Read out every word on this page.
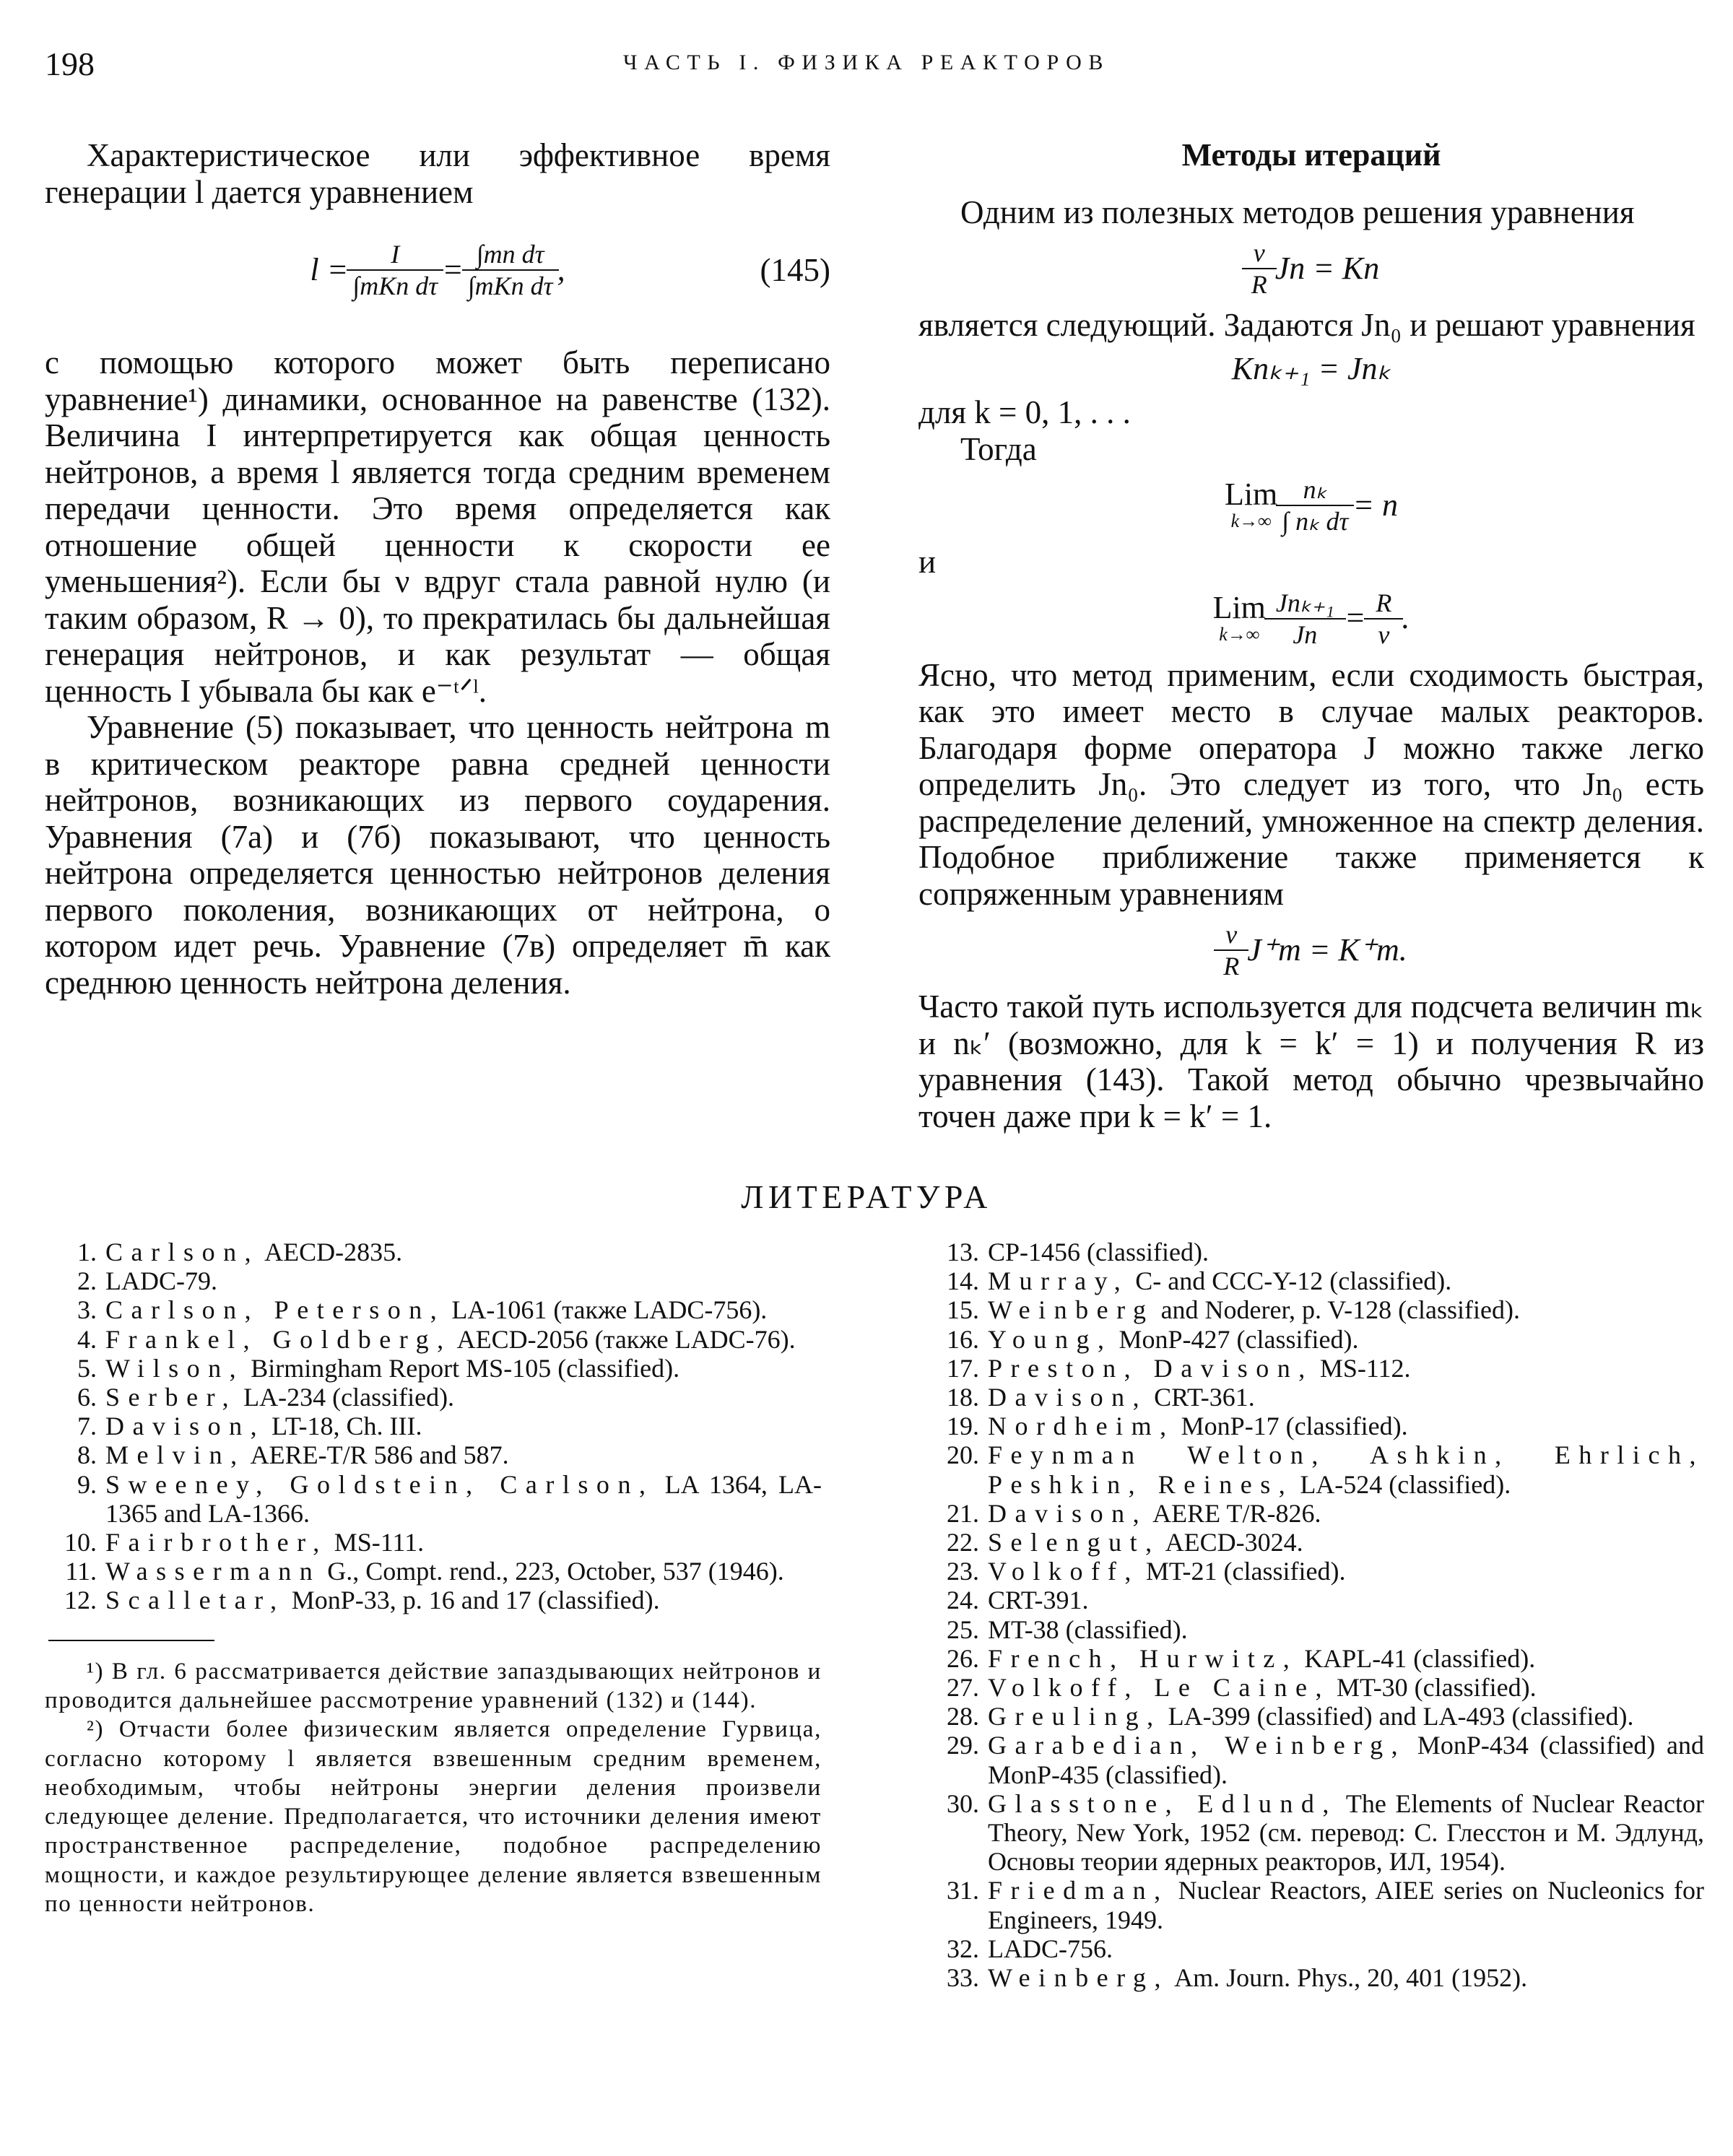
ЧАСТЬ I. ФИЗИКА РЕАКТОРОВ
198

Характеристическое или эффективное время генерации l дается уравнением

$l = \frac{I}{\text{∫mKn dτ}} = \frac{\text{∫mn dτ}}{\text{∫mKn dτ}}$ ,	(145)

с помощью которого может быть переписано уравнение¹) динамики, основанное на равенстве (132). Величина I интерпретируется как общая ценность нейтронов, а время l является тогда средним временем передачи ценности. Это время определяется как отношение общей ценности к скорости ее уменьшения²). Если бы ν вдруг стала равной нулю (и таким образом, R → 0), то прекратилась бы дальнейшая генерация нейтронов, и как результат — общая ценность I убывала бы как e⁻ᵗᐟˡ.

Уравнение (5) показывает, что ценность нейтрона m в критическом реакторе равна средней ценности нейтронов, возникающих из первого соударения. Уравнения (7а) и (7б) показывают, что ценность нейтрона определяется ценностью нейтронов деления первого поколения, возникающих от нейтрона, о котором идет речь. Уравнение (7в) определяет m̄ как среднюю ценность нейтрона деления.

Методы итераций

Одним из полезных методов решения уравнения

$\frac{\nu}{R}$ Jn = Kn

является следующий. Задаются Jn₀ и решают уравнения

Knₖ₊₁ = Jnₖ

для k = 0, 1, . . .

Тогда

Lim
$k\to\infty \frac{\text{nₖ}}{\text{∫ nₖ dτ}} = n$

и

Lim
$k\to\infty \frac{\text{Jnₖ₊₁}}{Jn} = \frac{R}{\nu}$ .

Ясно, что метод применим, если сходимость быстрая, как это имеет место в случае малых реакторов. Благодаря форме оператора J можно также легко определить Jn₀. Это следует из того, что Jn₀ есть распределение делений, умноженное на спектр деления. Подобное приближение также применяется к сопряженным уравнениям

$\frac{\nu}{R} J^+m = K^+m$.

Часто такой путь используется для подсчета величин mₖ и nₖ′ (возможно, для k = k′ = 1) и получения R из уравнения (143). Такой метод обычно чрезвычайно точен даже при k = k′ = 1.

ЛИТЕРАТУРА
1. Carlson, AECD-2835.
2. LADC-79.
3. Carlson, Peterson, LA-1061 (также LADC-756).
4. Frankel, Goldberg, AECD-2056 (также LADC-76).
5. Wilson, Birmingham Report MS-105 (classified).
6. Serber, LA-234 (classified).
7. Davison, LT-18, Ch. III.
8. Melvin, AERE-T/R 586 and 587.
9. Sweeney, Goldstein, Carlson, LA 1364, LA-1365 and LA-1366.
10. Fairbrother, MS-111.
11. Wassermann G., Compt. rend., 223, October, 537 (1946).
12. Scalletar, MonP-33, p. 16 and 17 (classified).

¹) В гл. 6 рассматривается действие запаздывающих нейтронов и проводится дальнейшее рассмотрение уравнений (132) и (144).

²) Отчасти более физическим является определение Гурвица, согласно которому l является взвешенным средним временем, необходимым, чтобы нейтроны энергии деления произвели следующее деление. Предполагается, что источники деления имеют пространственное распределение, подобное распределению мощности, и каждое результирующее деление является взвешенным по ценности нейтронов.

13. CP-1456 (classified).
14. Murray, C- and CCC-Y-12 (classified).
15. Weinberg and Noderer, p. V-128 (classified).
16. Young, MonP-427 (classified).
17. Preston, Davison, MS-112.
18. Davison, CRT-361.
19. Nordheim, MonP-17 (classified).
20. Feynman Welton, Ashkin, Ehrlich, Peshkin, Reines, LA-524 (classified).
21. Davison, AERE T/R-826.
22. Selengut, AECD-3024.
23. Volkoff, MT-21 (classified).
24. CRT-391.
25. MT-38 (classified).
26. French, Hurwitz, KAPL-41 (classified).
27. Volkoff, Le Caine, MT-30 (classified).
28. Greuling, LA-399 (classified) and LA-493 (classified).
29. Garabedian, Weinberg, MonP-434 (classified) and MonP-435 (classified).
30. Glasstone, Edlund, The Elements of Nuclear Reactor Theory, New York, 1952 (см. перевод: С. Глесстон и М. Эдлунд, Основы теории ядерных реакторов, ИЛ, 1954).
31. Friedman, Nuclear Reactors, AIEE series on Nucleonics for Engineers, 1949.
32. LADC-756.
33. Weinberg, Am. Journ. Phys., 20, 401 (1952).
